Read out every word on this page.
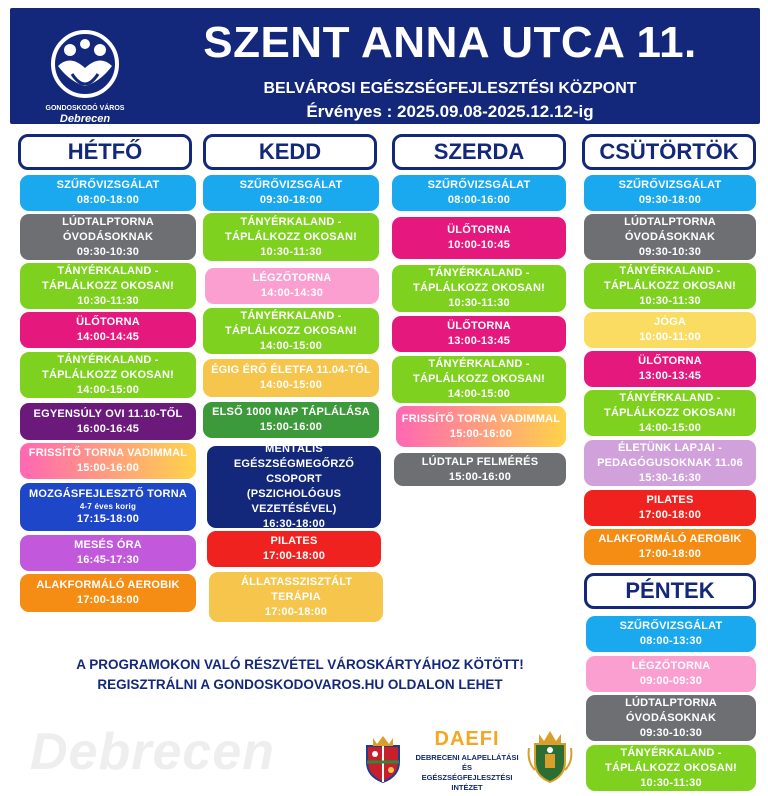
GONDOSKODÓ VÁROS
Debrecen
SZENT ANNA UTCA 11.
BELVÁROSI EGÉSZSÉGFEJLESZTÉSI KÖZPONT
Érvényes : 2025.09.08-2025.12.12-ig
HÉTFŐ	KEDD	SZERDA	CSÜTÖRTÖK
PÉNTEK
SZŰRŐVIZSGÁLAT
08:00-18:00
LÚDTALPTORNA ÓVODÁSOKNAK
09:30-10:30
TÁNYÉRKALAND - TÁPLÁLKOZZ OKOSAN!
10:30-11:30
ÜLŐTORNA
14:00-14:45
TÁNYÉRKALAND - TÁPLÁLKOZZ OKOSAN!
14:00-15:00
EGYENSÚLY OVI 11.10-TŐL
16:00-16:45
FRISSÍTŐ TORNA VADIMMAL
15:00-16:00
MOZGÁSFEJLESZTŐ TORNA
4-7 éves korig
17:15-18:00
MESÉS ÓRA
16:45-17:30
ALAKFORMÁLÓ AEROBIK
17:00-18:00
SZŰRŐVIZSGÁLAT
09:30-18:00
TÁNYÉRKALAND - TÁPLÁLKOZZ OKOSAN!
10:30-11:30
LÉGZŐTORNA
14:00-14:30
TÁNYÉRKALAND - TÁPLÁLKOZZ OKOSAN!
14:00-15:00
ÉGIG ÉRŐ ÉLETFA 11.04-TŐL
14:00-15:00
ELSŐ 1000 NAP TÁPLÁLÁSA
15:00-16:00
MENTÁLIS EGÉSZSÉGMEGŐRZŐ CSOPORT (PSZICHOLÓGUS VEZETÉSÉVEL)
16:30-18:00
PILATES
17:00-18:00
ÁLLATASSZISZTÁLT TERÁPIA
17:00-18:00
SZŰRŐVIZSGÁLAT
08:00-16:00
ÜLŐTORNA
10:00-10:45
TÁNYÉRKALAND - TÁPLÁLKOZZ OKOSAN!
10:30-11:30
ÜLŐTORNA
13:00-13:45
TÁNYÉRKALAND - TÁPLÁLKOZZ OKOSAN!
14:00-15:00
FRISSÍTŐ TORNA VADIMMAL
15:00-16:00
LÚDTALP FELMÉRÉS
15:00-16:00
SZŰRŐVIZSGÁLAT
09:30-18:00
LÚDTALPTORNA ÓVODÁSOKNAK
09:30-10:30
TÁNYÉRKALAND - TÁPLÁLKOZZ OKOSAN!
10:30-11:30
JÓGA
10:00-11:00
ÜLŐTORNA
13:00-13:45
TÁNYÉRKALAND - TÁPLÁLKOZZ OKOSAN!
14:00-15:00
ÉLETÜNK LAPJAI - PEDAGÓGUSOKNAK 11.06
15:30-16:30
PILATES
17:00-18:00
ALAKFORMÁLÓ AEROBIK
17:00-18:00
SZŰRŐVIZSGÁLAT
08:00-13:30
LÉGZŐTORNA
09:00-09:30
LÚDTALPTORNA ÓVODÁSOKNAK
09:30-10:30
TÁNYÉRKALAND - TÁPLÁLKOZZ OKOSAN!
10:30-11:30
A PROGRAMOKON VALÓ RÉSZVÉTEL VÁROSKÁRTYÁHOZ KÖTÖTT!
REGISZTRÁLNI A GONDOSKODOVAROS.HU OLDALON LEHET
Debrecen	DAEFI
DEBRECENI ALAPELLÁTÁSI ÉS
EGÉSZSÉGFEJLESZTÉSI INTÉZET
